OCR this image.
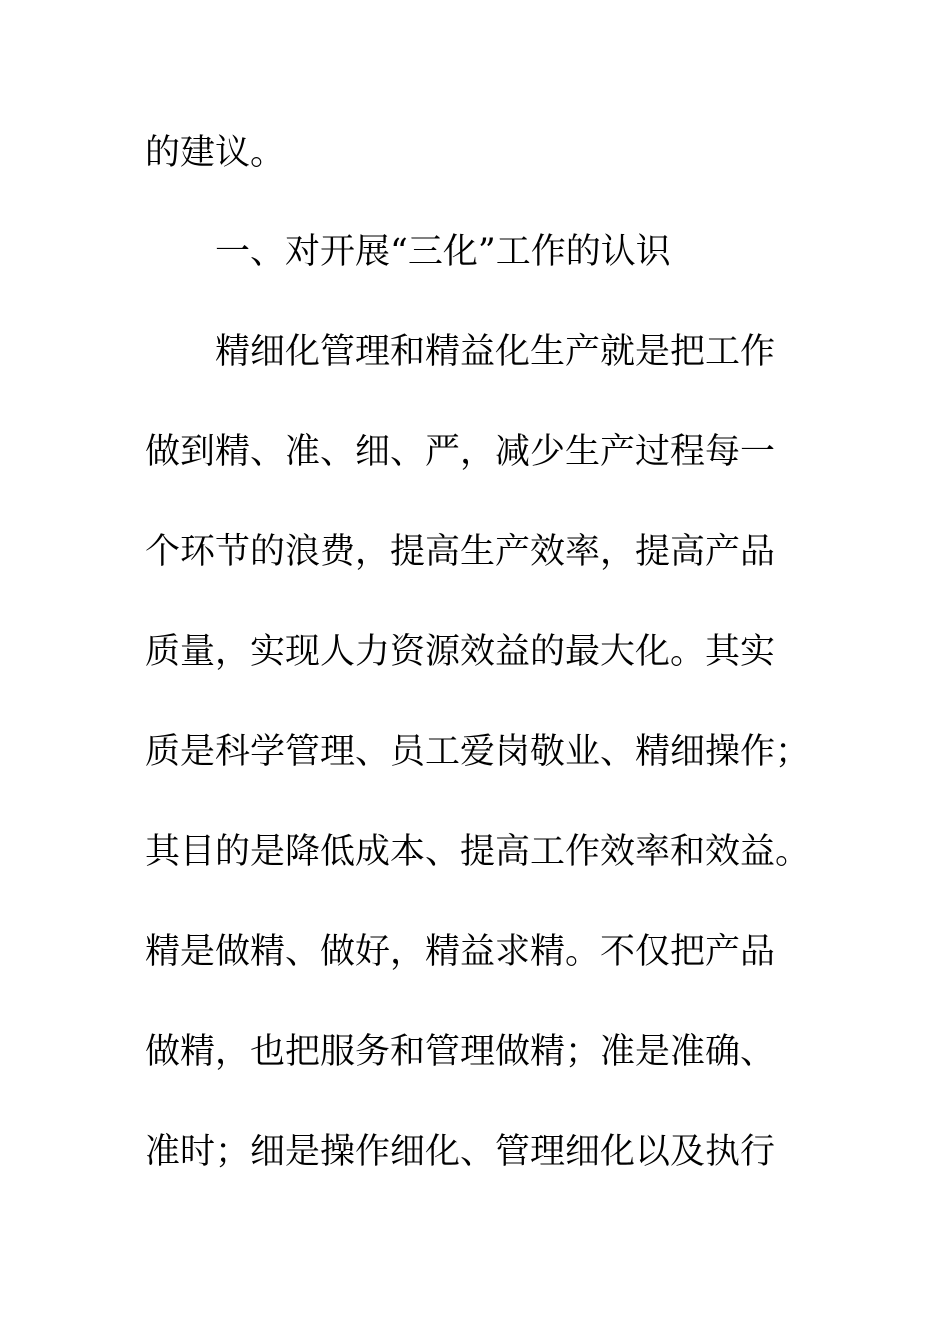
的建议。
一、对开展“三化”工作的认识
精细化管理和精益化生产就是把工作
做到精、准、细、严，减少生产过程每一
个环节的浪费，提高生产效率，提高产品
质量，实现人力资源效益的最大化。其实
质是科学管理、员工爱岗敬业、精细操作；
其目的是降低成本、提高工作效率和效益。
精是做精、做好，精益求精。不仅把产品
做精，也把服务和管理做精；准是准确、
准时；细是操作细化、管理细化以及执行
